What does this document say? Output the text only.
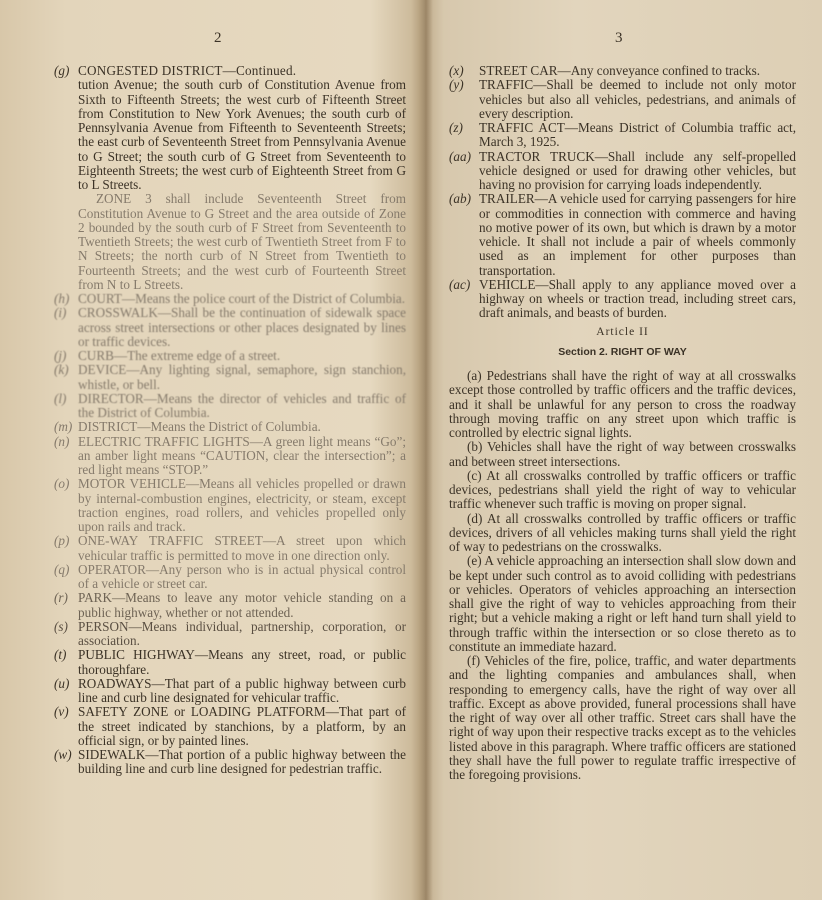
2
(g) CONGESTED DISTRICT—Continued.
tution Avenue; the south curb of Constitution Avenue from Sixth to Fifteenth Streets; the west curb of Fifteenth Street from Constitution to New York Avenues; the south curb of Pennsylvania Avenue from Fifteenth to Seventeenth Streets; the east curb of Seventeenth Street from Pennsylvania Avenue to G Street; the south curb of G Street from Seventeenth to Eighteenth Streets; the west curb of Eighteenth Street from G to L Streets.
ZONE 3 shall include Seventeenth Street from Constitution Avenue to G Street and the area outside of Zone 2 bounded by the south curb of F Street from Seventeenth to Twentieth Streets; the west curb of Twentieth Street from F to N Streets; the north curb of N Street from Twentieth to Fourteenth Streets; and the west curb of Fourteenth Street from N to L Streets.
(h) COURT—Means the police court of the District of Columbia.
(i) CROSSWALK—Shall be the continuation of sidewalk space across street intersections or other places designated by lines or traffic devices.
(j) CURB—The extreme edge of a street.
(k) DEVICE—Any lighting signal, semaphore, sign stanchion, whistle, or bell.
(l) DIRECTOR—Means the director of vehicles and traffic of the District of Columbia.
(m) DISTRICT—Means the District of Columbia.
(n) ELECTRIC TRAFFIC LIGHTS—A green light means “Go”; an amber light means “CAUTION, clear the intersection”; a red light means “STOP.”
(o) MOTOR VEHICLE—Means all vehicles propelled or drawn by internal-combustion engines, electricity, or steam, except traction engines, road rollers, and vehicles propelled only upon rails and track.
(p) ONE-WAY TRAFFIC STREET—A street upon which vehicular traffic is permitted to move in one direction only.
(q) OPERATOR—Any person who is in actual physical control of a vehicle or street car.
(r) PARK—Means to leave any motor vehicle standing on a public highway, whether or not attended.
(s) PERSON—Means individual, partnership, corporation, or association.
(t) PUBLIC HIGHWAY—Means any street, road, or public thoroughfare.
(u) ROADWAYS—That part of a public highway between curb line and curb line designated for vehicular traffic.
(v) SAFETY ZONE or LOADING PLATFORM—That part of the street indicated by stanchions, by a platform, by an official sign, or by painted lines.
(w) SIDEWALK—That portion of a public highway between the building line and curb line designed for pedestrian traffic.
3
(x) STREET CAR—Any conveyance confined to tracks.
(y) TRAFFIC—Shall be deemed to include not only motor vehicles but also all vehicles, pedestrians, and animals of every description.
(z) TRAFFIC ACT—Means District of Columbia traffic act, March 3, 1925.
(aa) TRACTOR TRUCK—Shall include any self-propelled vehicle designed or used for drawing other vehicles, but having no provision for carrying loads independently.
(ab) TRAILER—A vehicle used for carrying passengers for hire or commodities in connection with commerce and having no motive power of its own, but which is drawn by a motor vehicle. It shall not include a pair of wheels commonly used as an implement for other purposes than transportation.
(ac) VEHICLE—Shall apply to any appliance moved over a highway on wheels or traction tread, including street cars, draft animals, and beasts of burden.
Article II
Section 2. RIGHT OF WAY
(a) Pedestrians shall have the right of way at all crosswalks except those controlled by traffic officers and the traffic devices, and it shall be unlawful for any person to cross the roadway through moving traffic on any street upon which traffic is controlled by electric signal lights.
(b) Vehicles shall have the right of way between crosswalks and between street intersections.
(c) At all crosswalks controlled by traffic officers or traffic devices, pedestrians shall yield the right of way to vehicular traffic whenever such traffic is moving on proper signal.
(d) At all crosswalks controlled by traffic officers or traffic devices, drivers of all vehicles making turns shall yield the right of way to pedestrians on the crosswalks.
(e) A vehicle approaching an intersection shall slow down and be kept under such control as to avoid colliding with pedestrians or vehicles. Operators of vehicles approaching an intersection shall give the right of way to vehicles approaching from their right; but a vehicle making a right or left hand turn shall yield to through traffic within the intersection or so close thereto as to constitute an immediate hazard.
(f) Vehicles of the fire, police, traffic, and water departments and the lighting companies and ambulances shall, when responding to emergency calls, have the right of way over all traffic. Except as above provided, funeral processions shall have the right of way over all other traffic. Street cars shall have the right of way upon their respective tracks except as to the vehicles listed above in this paragraph. Where traffic officers are stationed they shall have the full power to regulate traffic irrespective of the foregoing provisions.
